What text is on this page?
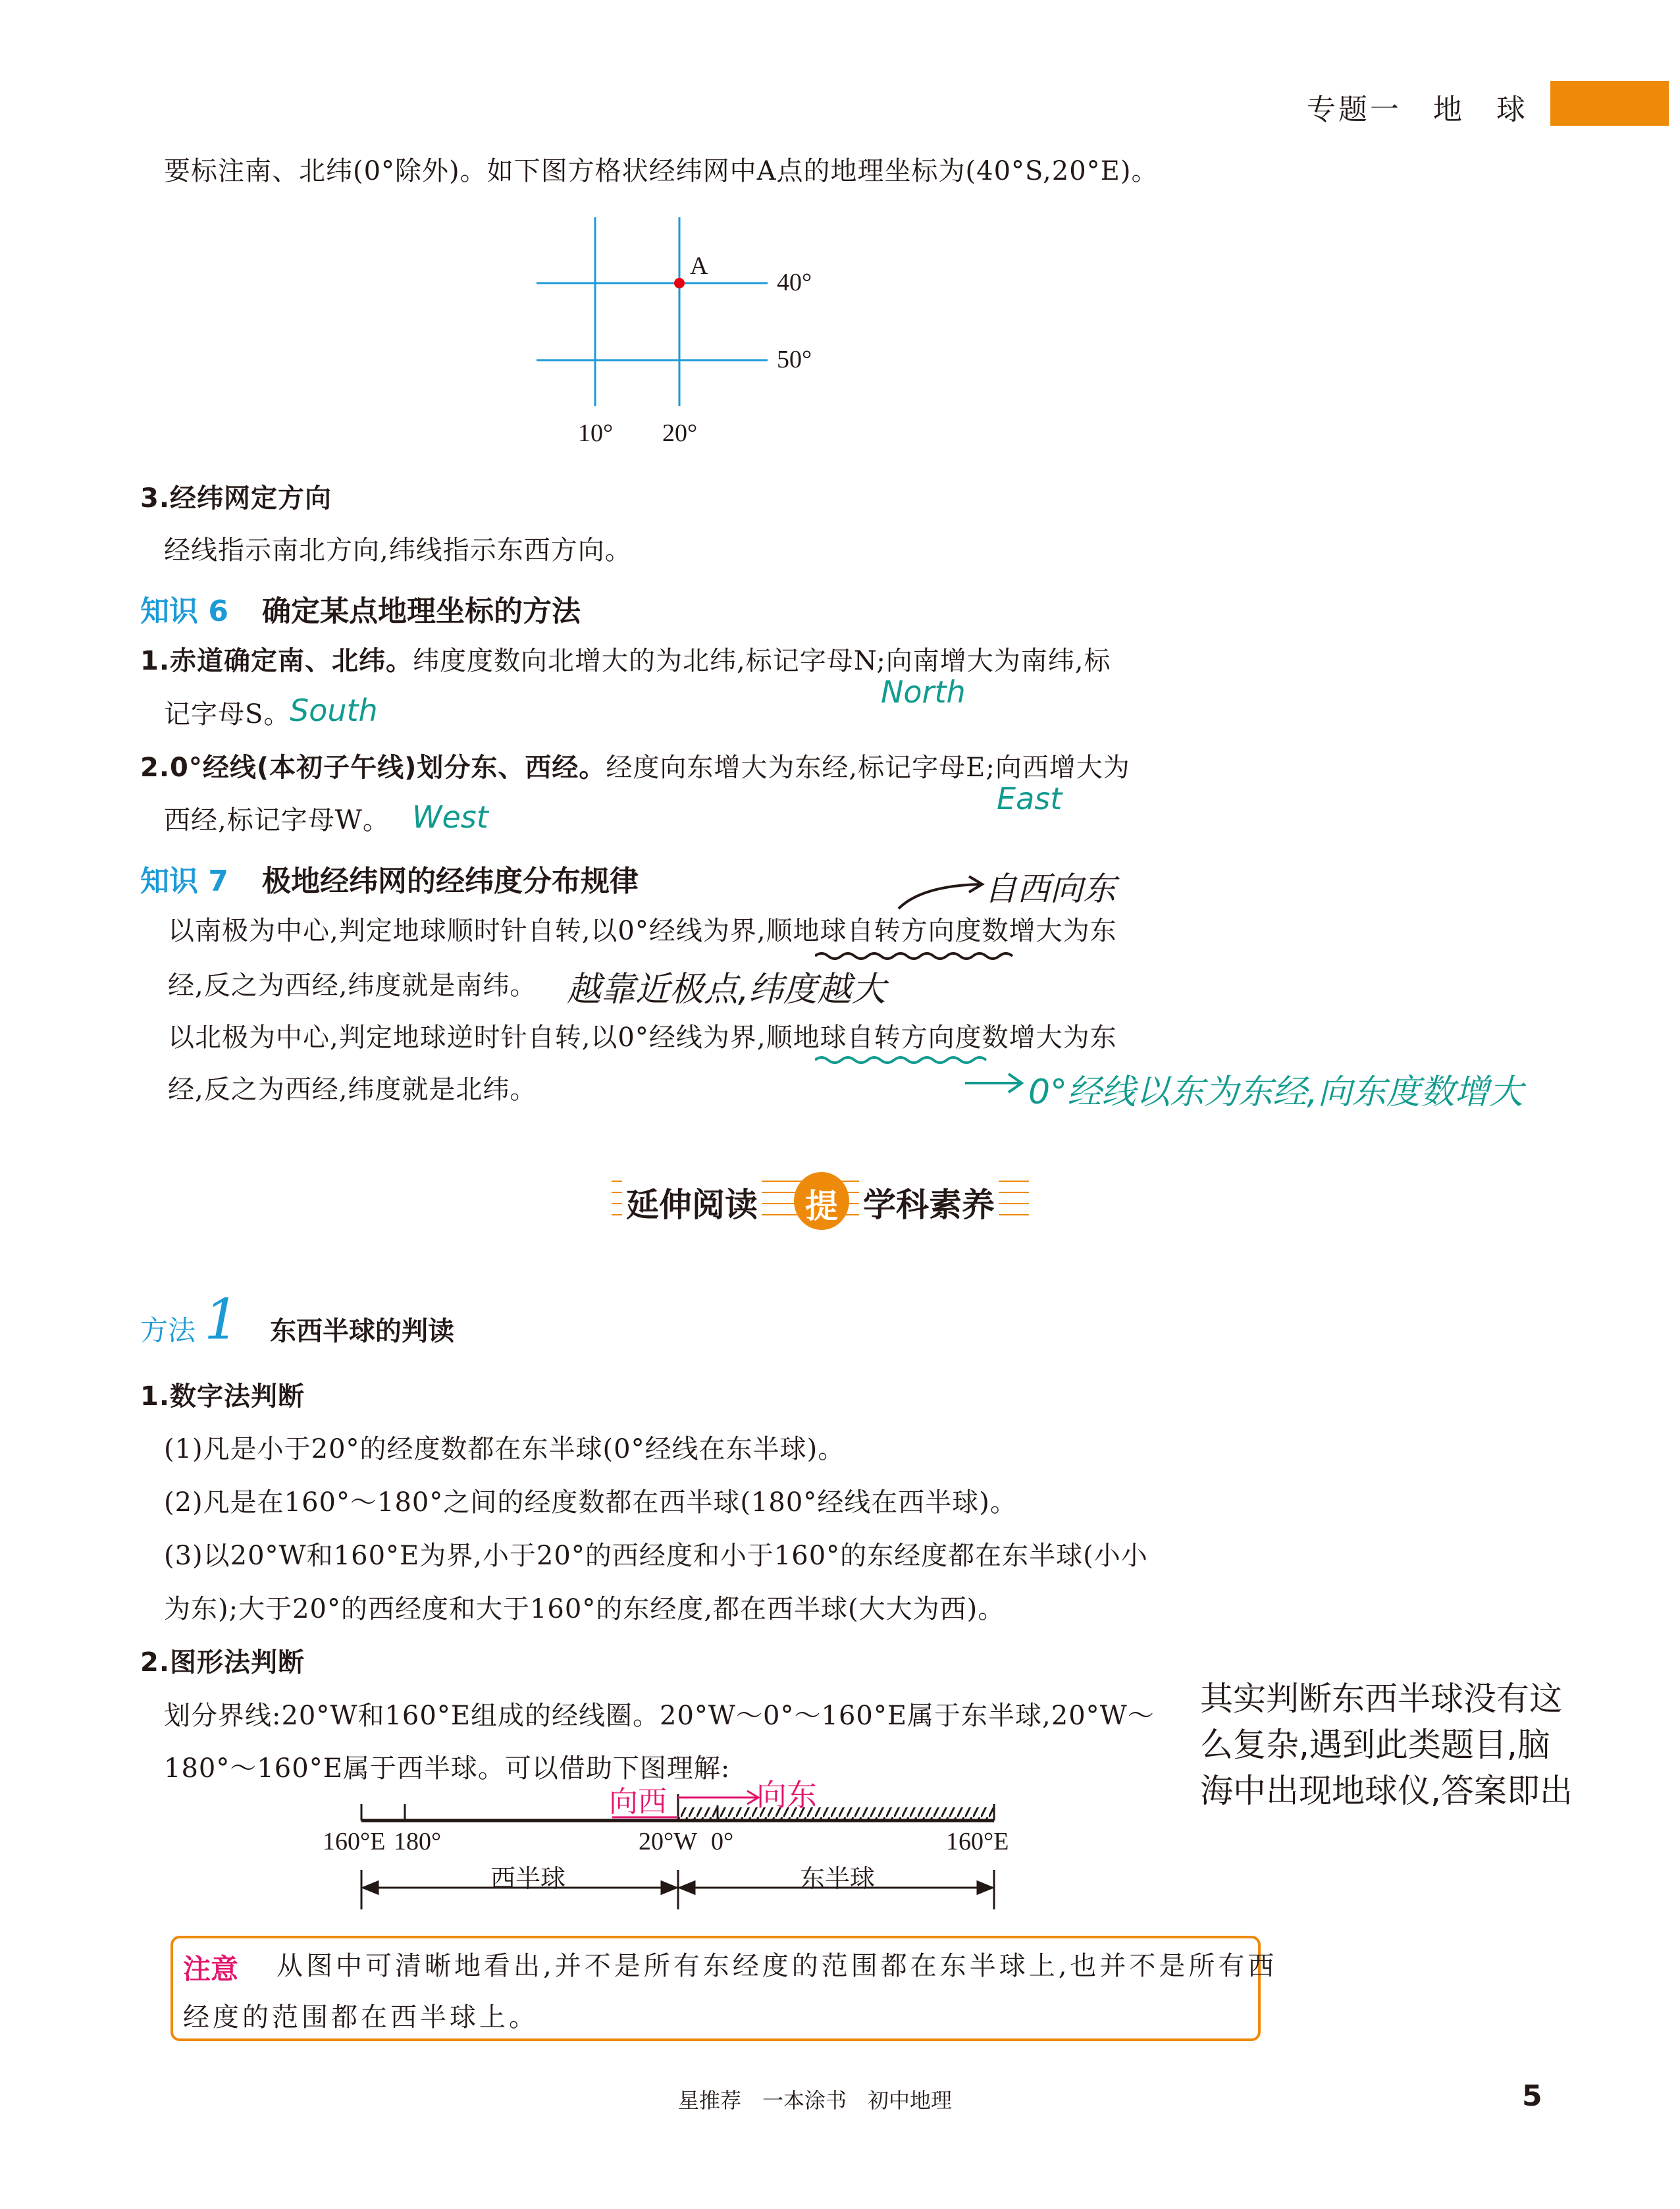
专题一　地　球
要标注南、北纬(0°除外)。如下图方格状经纬网中A点的地理坐标为(40°S,20°E)。
A
40°
50°
10° 20°
3.经纬网定方向
经线指示南北方向,纬线指示东西方向。
知识 6 确定某点地理坐标的方法
1.赤道确定南、北纬。纬度度数向北增大的为北纬,标记字母N;向南增大为南纬,标
记字母S。
South
North
2.0°经线(本初子午线)划分东、西经。经度向东增大为东经,标记字母E;向西增大为
西经,标记字母W。 West
East
知识 7 极地经纬网的经纬度分布规律	自西向东
以南极为中心,判定地球顺时针自转,以0°经线为界,顺地球自转方向度数增大为东
经,反之为西经,纬度就是南纬。 越靠近极点,纬度越大
以北极为中心,判定地球逆时针自转,以0°经线为界,顺地球自转方向度数增大为东
经,反之为西经,纬度就是北纬。	0°经线以东为东经,向东度数增大
延伸阅读 提 学科素养
方法 1 东西半球的判读
1.数字法判断
(1)凡是小于20°的经度数都在东半球(0°经线在东半球)。
(2)凡是在160°～180°之间的经度数都在西半球(180°经线在西半球)。
(3)以20°W和160°E为界,小于20°的西经度和小于160°的东经度都在东半球(小小
为东);大于20°的西经度和大于160°的东经度,都在西半球(大大为西)。
2.图形法判断
划分界线:20°W和160°E组成的经线圈。20°W～0°～160°E属于东半球,20°W～
180°～160°E属于西半球。可以借助下图理解:
其实判断东西半球没有这
么复杂,遇到此类题目,脑
海中出现地球仪,答案即出
160°E 180°	20°W 0°	160°E
西半球	东半球
向西	向东
注意 从图中可清晰地看出,并不是所有东经度的范围都在东半球上,也并不是所有西
经度的范围都在西半球上。
星推荐　一本涂书　初中地理	5
